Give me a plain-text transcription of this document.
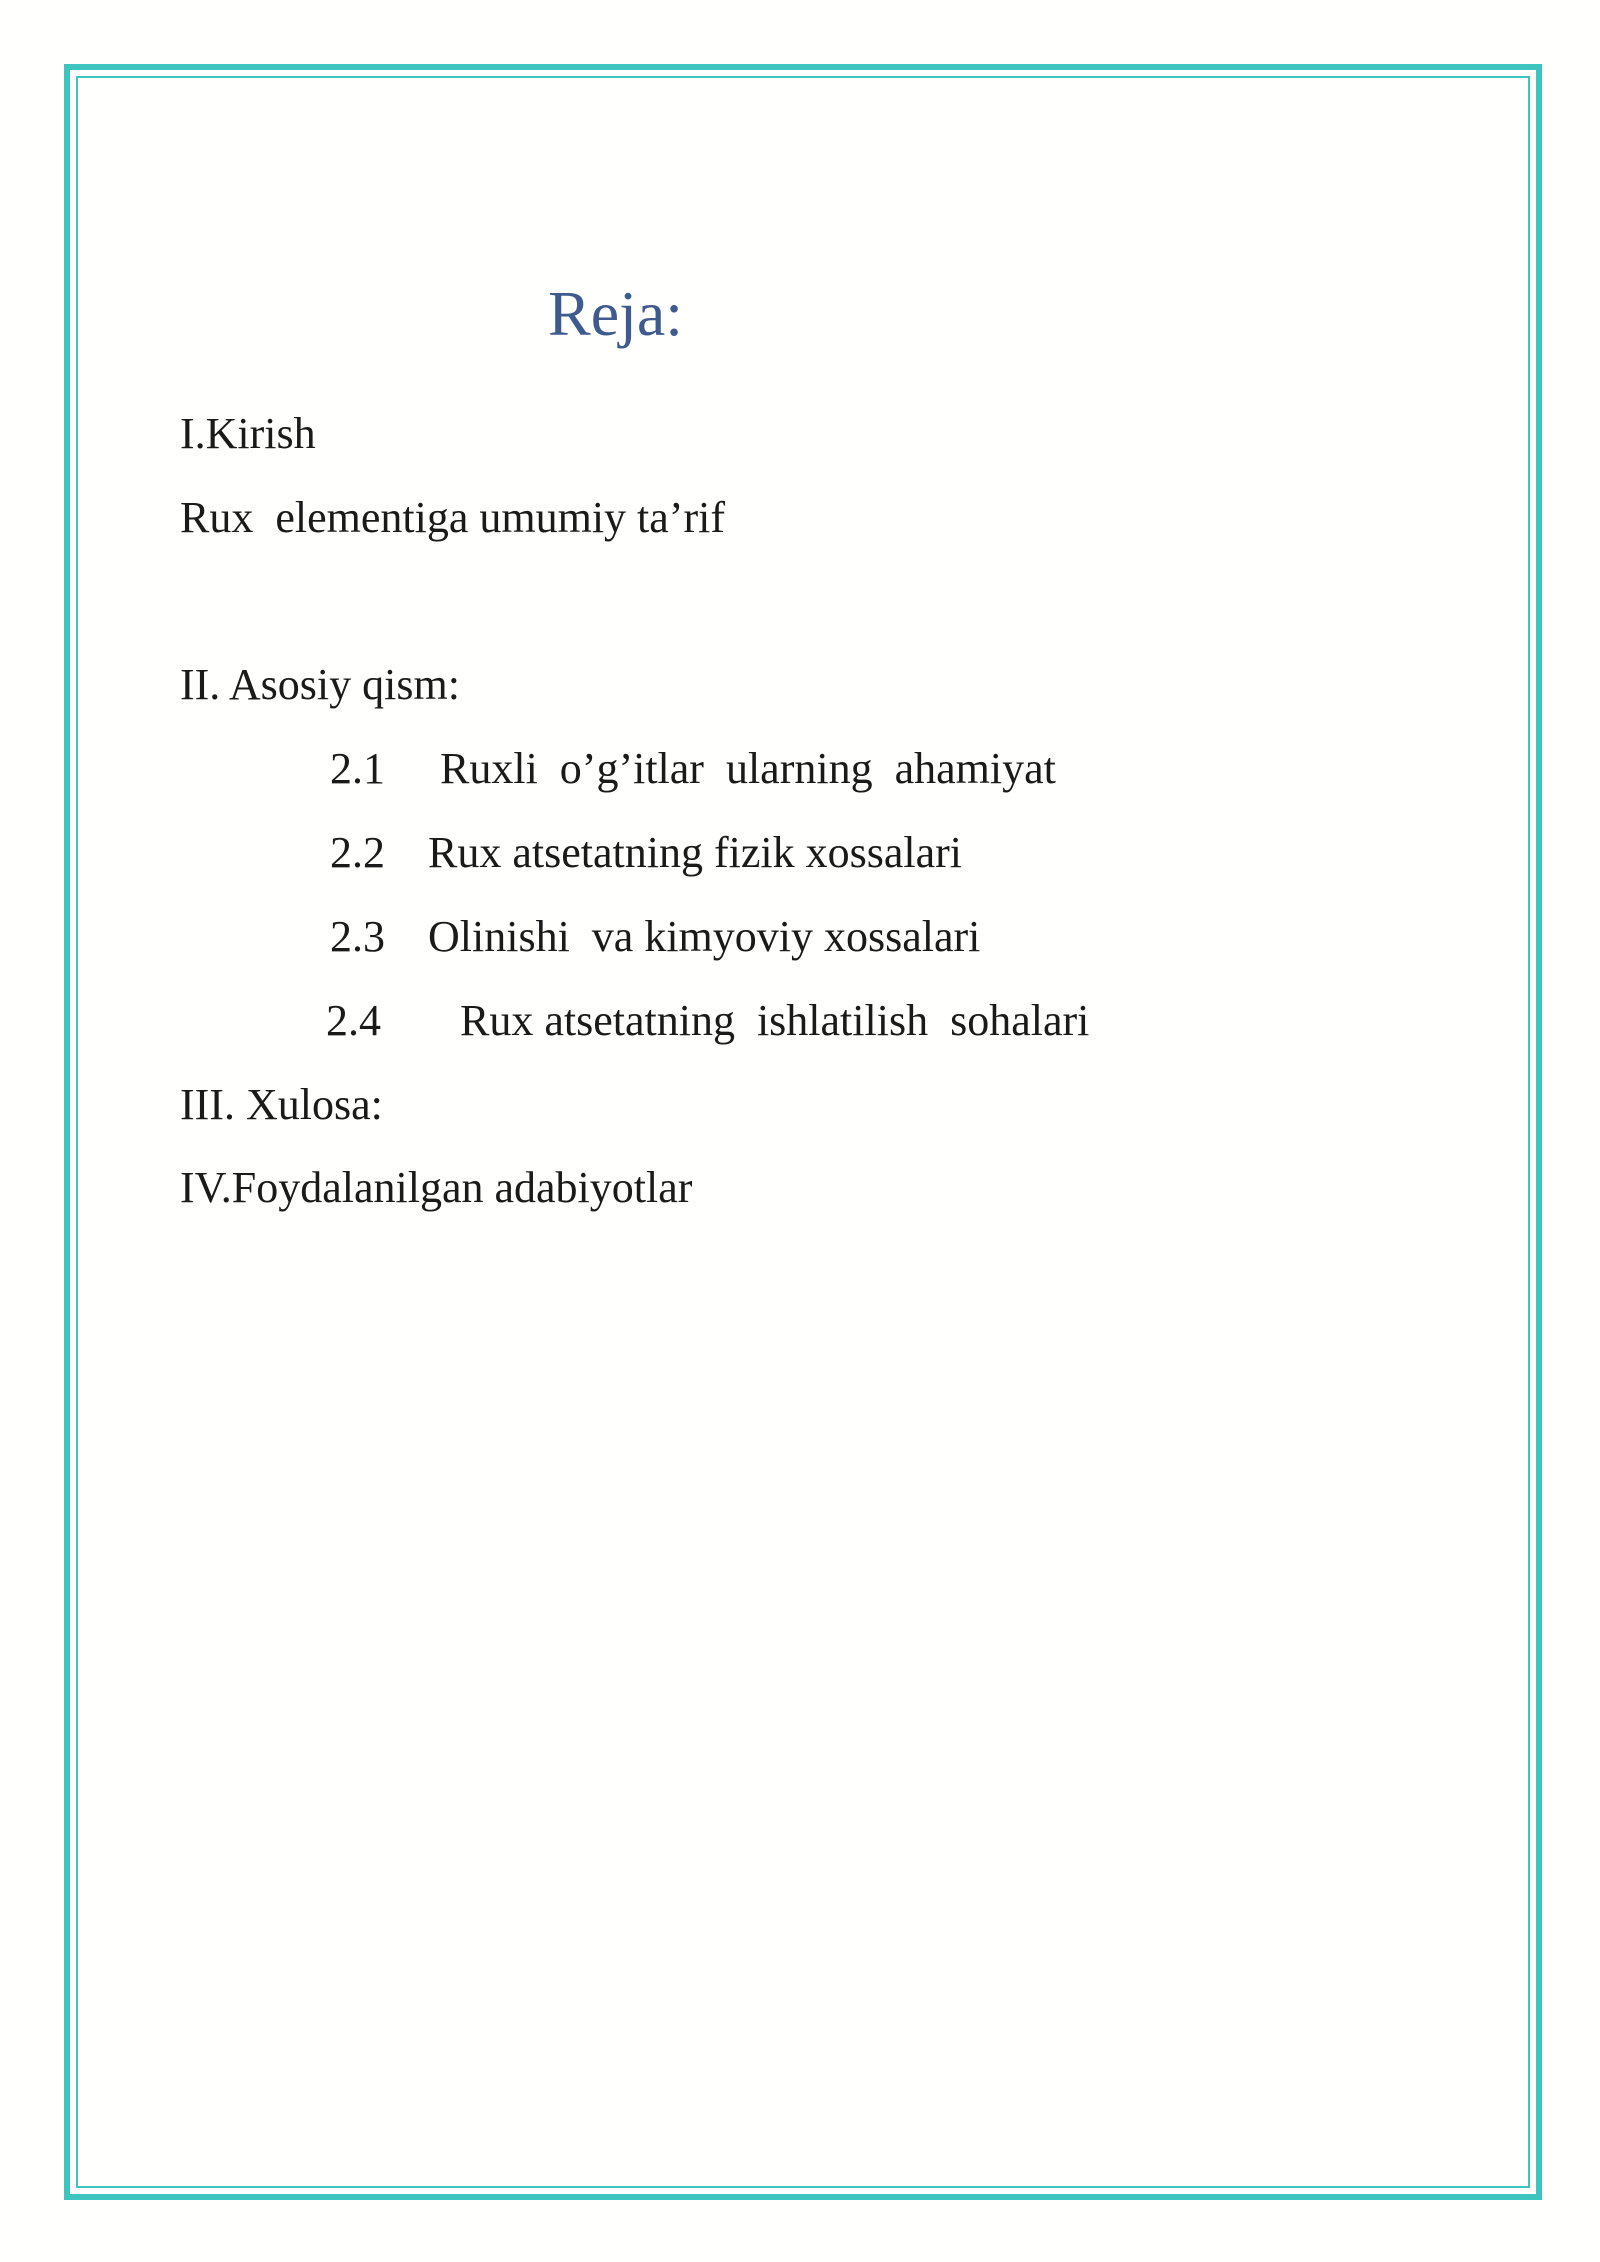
Reja:
I.Kirish
Rux  elementiga umumiy ta’rif
II. Asosiy qism:
2.1 Ruxli  o’g’itlar  ularning  ahamiyat
2.2 Rux atsetatning fizik xossalari
2.3 Olinishi  va kimyoviy xossalari
2.4 Rux atsetatning  ishlatilish  sohalari
III. Xulosa:
IV.Foydalanilgan adabiyotlar
